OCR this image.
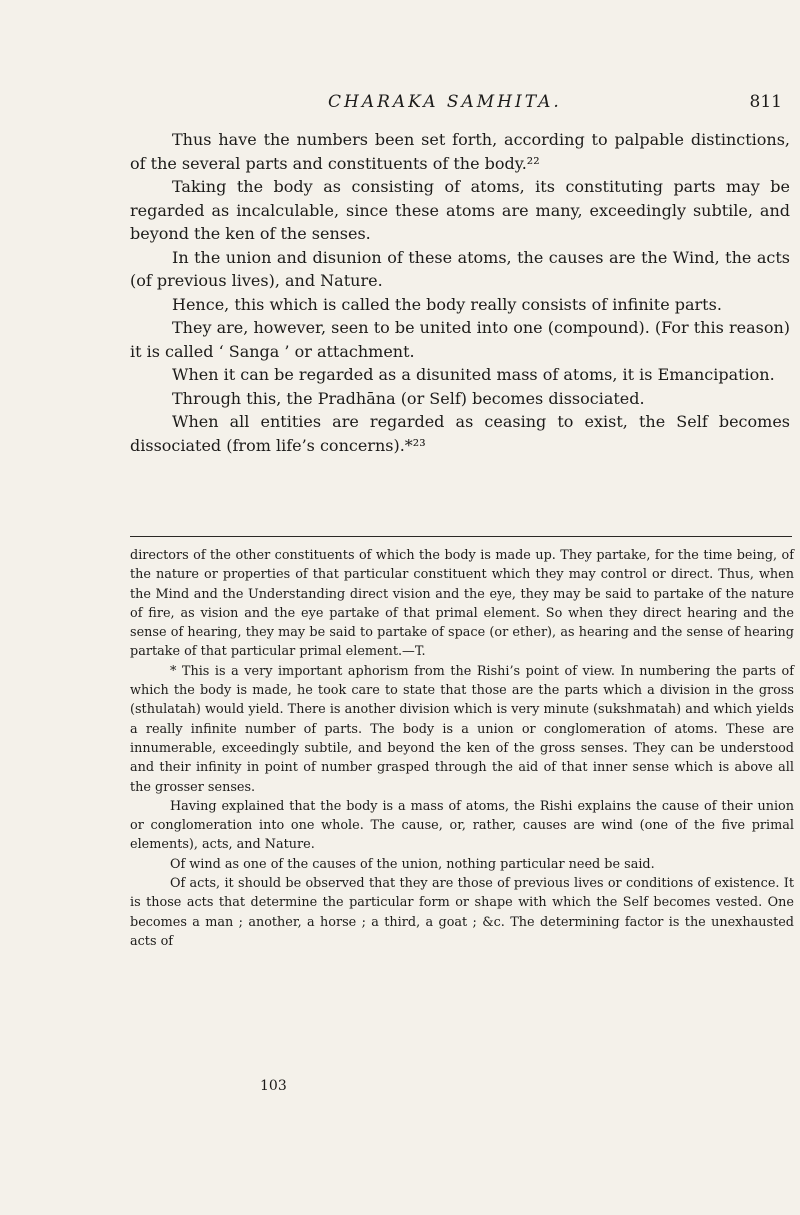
CHARAKA SAMHITA.	811

Thus have the numbers been set forth, according to palpable distinctions, of the several parts and constituents of the body.²²

Taking the body as consisting of atoms, its constituting parts may be regarded as incalculable, since these atoms are many, exceedingly subtile, and beyond the ken of the senses.

In the union and disunion of these atoms, the causes are the Wind, the acts (of previous lives), and Nature.

Hence, this which is called the body really consists of infinite parts.

They are, however, seen to be united into one (compound). (For this reason) it is called ‘ Sanga ’ or attachment.

When it can be regarded as a disunited mass of atoms, it is Emancipation.

Through this, the Pradhāna (or Self) becomes dissociated.

When all entities are regarded as ceasing to exist, the Self becomes dissociated (from life’s concerns).*²³

directors of the other constituents of which the body is made up. They partake, for the time being, of the nature or properties of that particular constituent which they may control or direct. Thus, when the Mind and the Understanding direct vision and the eye, they may be said to partake of the nature of fire, as vision and the eye partake of that primal element. So when they direct hearing and the sense of hearing, they may be said to partake of space (or ether), as hearing and the sense of hearing partake of that particular primal element.—T.

* This is a very important aphorism from the Rishi’s point of view. In numbering the parts of which the body is made, he took care to state that those are the parts which a division in the gross (sthulatah) would yield. There is another division which is very minute (sukshmatah) and which yields a really infinite number of parts. The body is a union or conglomeration of atoms. These are innumerable, exceedingly subtile, and beyond the ken of the gross senses. They can be understood and their infinity in point of number grasped through the aid of that inner sense which is above all the grosser senses.

Having explained that the body is a mass of atoms, the Rishi explains the cause of their union or conglomeration into one whole. The cause, or, rather, causes are wind (one of the five primal elements), acts, and Nature.

Of wind as one of the causes of the union, nothing particular need be said.

Of acts, it should be observed that they are those of previous lives or conditions of existence. It is those acts that determine the particular form or shape with which the Self becomes vested. One becomes a man ; another, a horse ; a third, a goat ; &c. The determining factor is the unexhausted acts of

103
